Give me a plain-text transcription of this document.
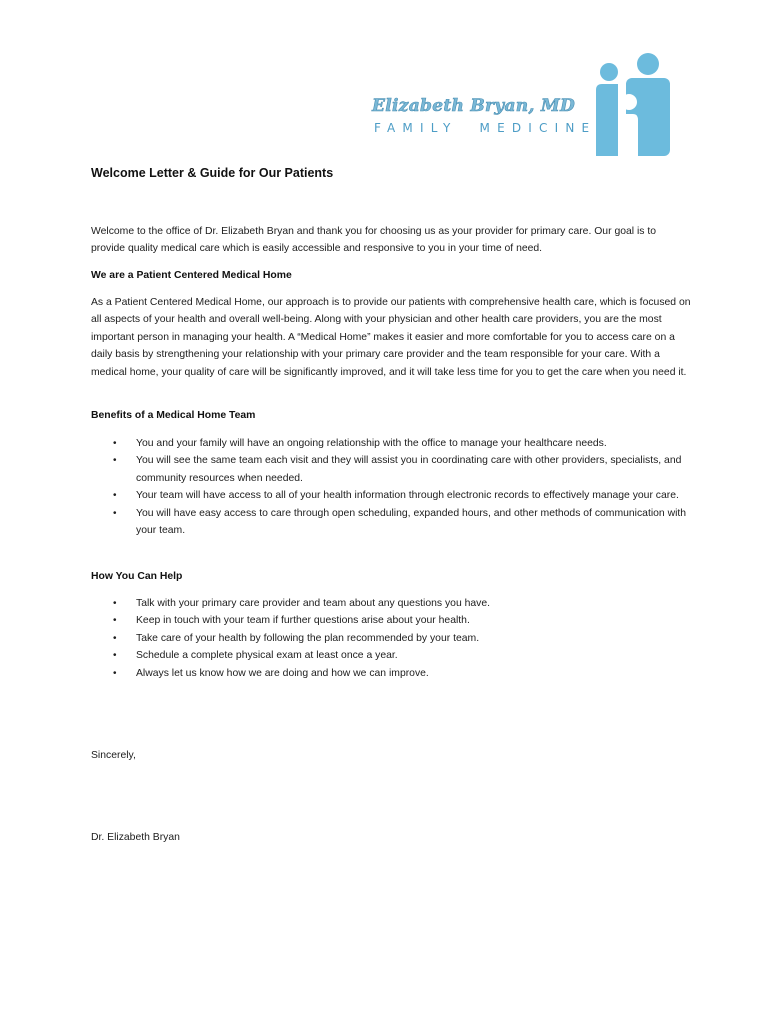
Elizabeth Bryan, MD
FAMILY MEDICINE
Welcome Letter & Guide for Our Patients

Welcome to the office of Dr. Elizabeth Bryan and thank you for choosing us as your provider for primary care. Our goal is to provide quality medical care which is easily accessible and responsive to you in your time of need.

We are a Patient Centered Medical Home

As a Patient Centered Medical Home, our approach is to provide our patients with comprehensive health care, which is focused on all aspects of your health and overall well-being. Along with your physician and other health care providers, you are the most important person in managing your health. A “Medical Home” makes it easier and more comfortable for you to access care on a daily basis by strengthening your relationship with your primary care provider and the team responsible for your care. With a medical home, your quality of care will be significantly improved, and it will take less time for you to get the care when you need it.

Benefits of a Medical Home Team
• You and your family will have an ongoing relationship with the office to manage your healthcare needs.
• You will see the same team each visit and they will assist you in coordinating care with other providers, specialists, and community resources when needed.
• Your team will have access to all of your health information through electronic records to effectively manage your care.
• You will have easy access to care through open scheduling, expanded hours, and other methods of communication with your team.
How You Can Help
• Talk with your primary care provider and team about any questions you have.
• Keep in touch with your team if further questions arise about your health.
• Take care of your health by following the plan recommended by your team.
• Schedule a complete physical exam at least once a year.
• Always let us know how we are doing and how we can improve.
Sincerely,
Dr. Elizabeth Bryan
